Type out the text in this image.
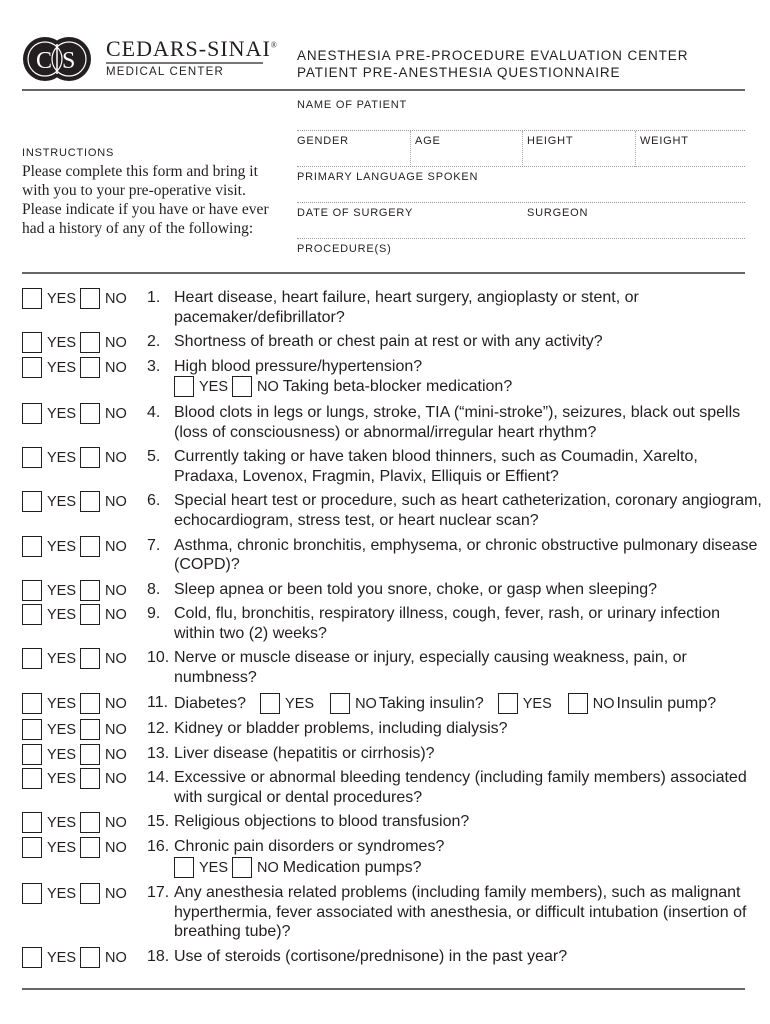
C S CEDARS-SINAI®
MEDICAL CENTER
ANESTHESIA PRE-PROCEDURE EVALUATION CENTER
PATIENT PRE-ANESTHESIA QUESTIONNAIRE
NAME OF PATIENT
GENDER	AGE	HEIGHT	WEIGHT
PRIMARY LANGUAGE SPOKEN
DATE OF SURGERY	SURGEON
PROCEDURE(S)
INSTRUCTIONS
Please complete this form and bring it with you to your pre-operative visit. Please indicate if you have or have ever had a history of any of the following:
YES NO 1. Heart disease, heart failure, heart surgery, angioplasty or stent, or pacemaker/defibrillator?
YES NO 2. Shortness of breath or chest pain at rest or with any activity?
YES NO 3. High blood pressure/hypertension?
YES NO Taking beta-blocker medication?
YES NO 4. Blood clots in legs or lungs, stroke, TIA (“mini-stroke”), seizures, black out spells (loss of consciousness) or abnormal/irregular heart rhythm?
YES NO 5. Currently taking or have taken blood thinners, such as Coumadin, Xarelto, Pradaxa, Lovenox, Fragmin, Plavix, Elliquis or Effient?
YES NO 6. Special heart test or procedure, such as heart catheterization, coronary angiogram, echocardiogram, stress test, or heart nuclear scan?
YES NO 7. Asthma, chronic bronchitis, emphysema, or chronic obstructive pulmonary disease (COPD)?
YES NO 8. Sleep apnea or been told you snore, choke, or gasp when sleeping?
YES NO 9. Cold, flu, bronchitis, respiratory illness, cough, fever, rash, or urinary infection within two (2) weeks?
YES NO 10. Nerve or muscle disease or injury, especially causing weakness, pain, or numbness?
YES NO 11. Diabetes?	YES	NO Taking insulin?	YES	NO Insulin pump?
YES NO 12. Kidney or bladder problems, including dialysis?
YES NO 13. Liver disease (hepatitis or cirrhosis)?
YES NO 14. Excessive or abnormal bleeding tendency (including family members) associated with surgical or dental procedures?
YES NO 15. Religious objections to blood transfusion?
YES NO 16. Chronic pain disorders or syndromes?
YES NO Medication pumps?
YES NO 17. Any anesthesia related problems (including family members), such as malignant hyperthermia, fever associated with anesthesia, or difficult intubation (insertion of breathing tube)?
YES NO 18. Use of steroids (cortisone/prednisone) in the past year?
